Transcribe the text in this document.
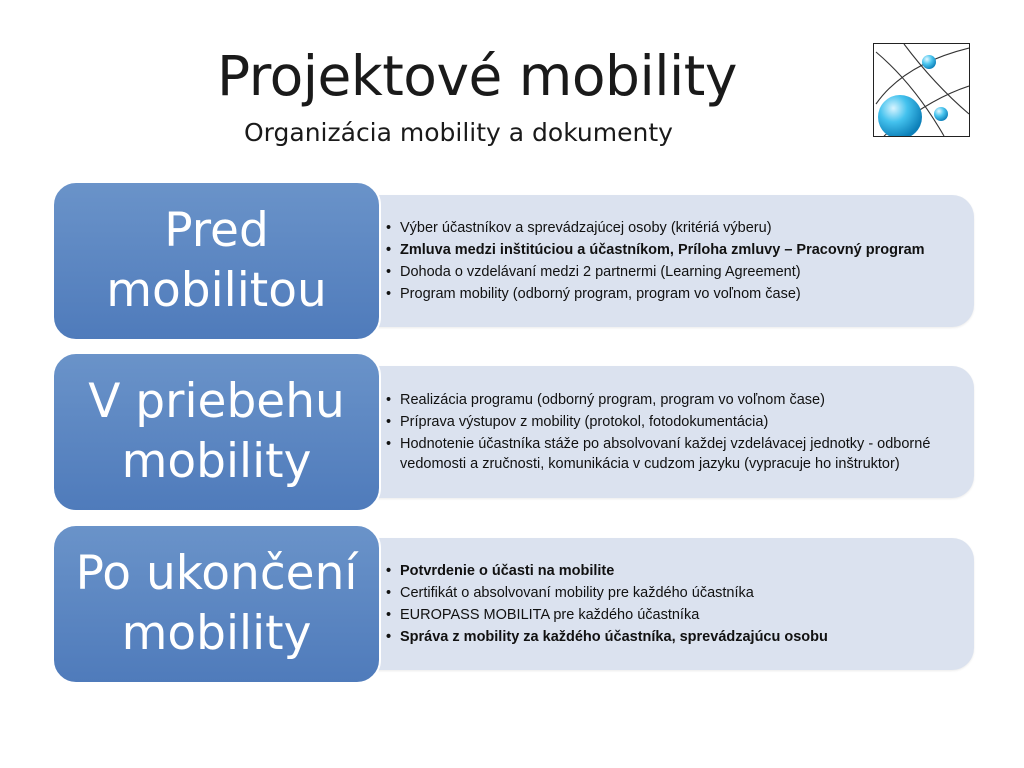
Projektové mobility
Organizácia mobility a dokumenty
• Výber účastníkov a sprevádzajúcej osoby (kritériá výberu)
• Zmluva medzi inštitúciou a účastníkom, Príloha zmluvy – Pracovný program
• Dohoda o vzdelávaní medzi 2 partnermi (Learning Agreement)
• Program mobility (odborný program, program vo voľnom čase)
Pred mobilitou
• Realizácia programu (odborný program, program vo voľnom čase)
• Príprava výstupov z mobility (protokol, fotodokumentácia)
• Hodnotenie účastníka stáže po absolvovaní každej vzdelávacej jednotky - odborné vedomosti a zručnosti, komunikácia v cudzom jazyku (vypracuje ho inštruktor)
V priebehu mobility
• Potvrdenie o účasti na mobilite
• Certifikát o absolvovaní mobility pre každého účastníka
• EUROPASS MOBILITA pre každého účastníka
• Správa z mobility za každého účastníka, sprevádzajúcu osobu
Po ukončení mobility
